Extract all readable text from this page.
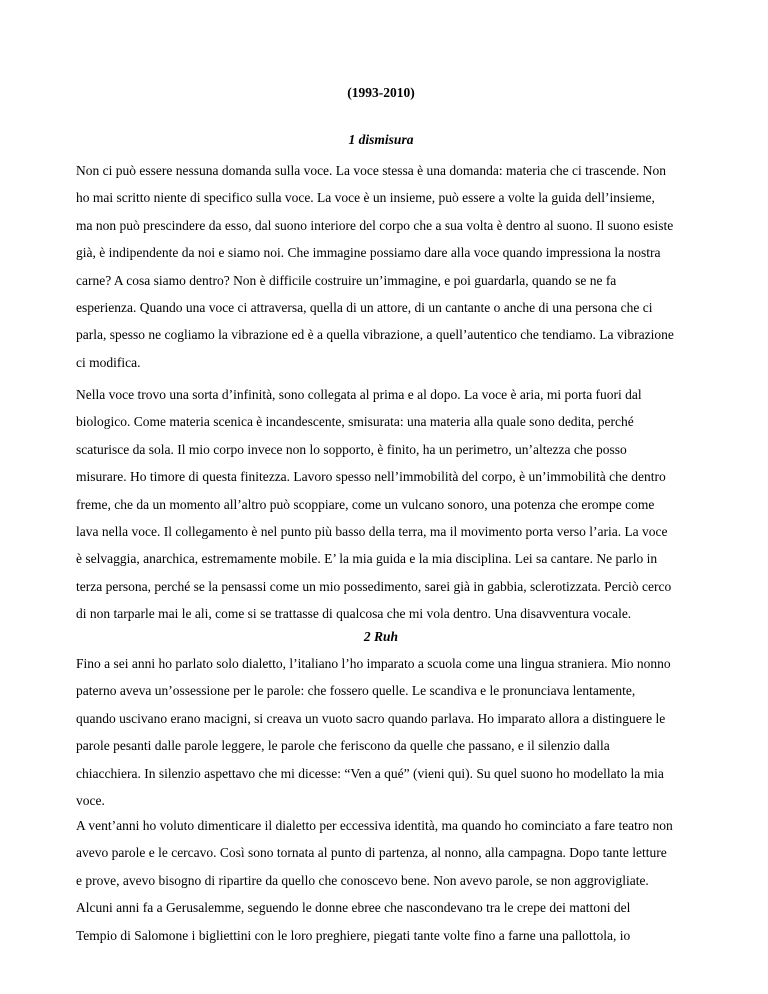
(1993-2010)
1 dismisura
Non ci può essere nessuna domanda sulla voce. La voce stessa è una domanda: materia che ci trascende. Non
ho mai scritto niente di specifico sulla voce. La voce è un insieme, può essere a volte la guida dell’insieme,
ma non può prescindere da esso, dal suono interiore del corpo che a sua volta è dentro al suono. Il suono esiste
già, è indipendente da noi e siamo noi. Che immagine possiamo dare alla voce quando impressiona la nostra
carne? A cosa siamo dentro? Non è difficile costruire un’immagine, e poi guardarla, quando se ne fa
esperienza. Quando una voce ci attraversa, quella di un attore, di un cantante o anche di una persona che ci
parla, spesso ne cogliamo la vibrazione ed è a quella vibrazione, a quell’autentico che tendiamo. La vibrazione
ci modifica.
Nella voce trovo una sorta d’infinità, sono collegata al prima e al dopo. La voce è aria, mi porta fuori dal
biologico. Come materia scenica è incandescente, smisurata: una materia alla quale sono dedita, perché
scaturisce da sola. Il mio corpo invece non lo sopporto, è finito, ha un perimetro, un’altezza che posso
misurare. Ho timore di questa finitezza. Lavoro spesso nell’immobilità del corpo, è un’immobilità che dentro
freme, che da un momento all’altro può scoppiare, come un vulcano sonoro, una potenza che erompe come
lava nella voce. Il collegamento è nel punto più basso della terra, ma il movimento porta verso l’aria. La voce
è selvaggia, anarchica, estremamente mobile. E’ la mia guida e la mia disciplina. Lei sa cantare. Ne parlo in
terza persona, perché se la pensassi come un mio possedimento, sarei già in gabbia, sclerotizzata. Perciò cerco
di non tarparle mai le ali, come si se trattasse di qualcosa che mi vola dentro. Una disavventura vocale.
2 Ruh
Fino a sei anni ho parlato solo dialetto, l’italiano l’ho imparato a scuola come una lingua straniera. Mio nonno
paterno aveva un’ossessione per le parole: che fossero quelle. Le scandiva e le pronunciava lentamente,
quando uscivano erano macigni, si creava un vuoto sacro quando parlava. Ho imparato allora a distinguere le
parole pesanti dalle parole leggere, le parole che feriscono da quelle che passano, e il silenzio dalla
chiacchiera. In silenzio aspettavo che mi dicesse: “Ven a qué” (vieni qui). Su quel suono ho modellato la mia
voce.
A vent’anni ho voluto dimenticare il dialetto per eccessiva identità, ma quando ho cominciato a fare teatro non
avevo parole e le cercavo. Così sono tornata al punto di partenza, al nonno, alla campagna. Dopo tante letture
e prove, avevo bisogno di ripartire da quello che conoscevo bene. Non avevo parole, se non aggrovigliate.
Alcuni anni fa a Gerusalemme, seguendo le donne ebree che nascondevano tra le crepe dei mattoni del
Tempio di Salomone i bigliettini con le loro preghiere, piegati tante volte fino a farne una pallottola, io
